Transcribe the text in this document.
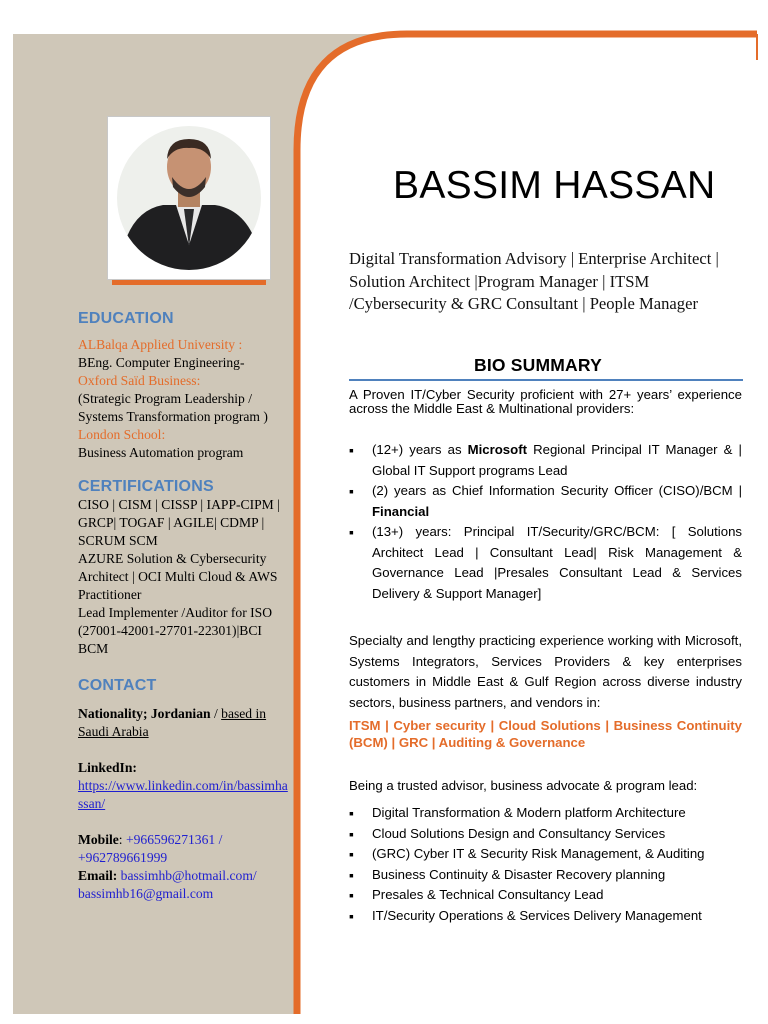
EDUCATION
ALBalqa Applied University :
BEng. Computer Engineering-
Oxford Saïd Business:
(Strategic Program Leadership / Systems Transformation program )
London School:
Business Automation program
CERTIFICATIONS
CISO | CISM | CISSP | IAPP-CIPM | GRCP| TOGAF | AGILE| CDMP | SCRUM SCM
AZURE Solution & Cybersecurity Architect | OCI Multi Cloud & AWS Practitioner
Lead Implementer /Auditor for ISO (27001-42001-27701-22301)|BCI BCM
CONTACT
Nationality; Jordanian / based in Saudi Arabia
LinkedIn:
https://www.linkedin.com/in/bassimhassan/
Mobile: +966596271361 / +962789661999
Email: bassimhb@hotmail.com/ bassimhb16@gmail.com
BASSIM HASSAN
Digital Transformation Advisory | Enterprise Architect | Solution Architect |Program Manager | ITSM /Cybersecurity & GRC Consultant | People Manager
BIO SUMMARY
A Proven IT/Cyber Security proficient with 27+ years’ experience across the Middle East & Multinational providers:
▪ (12+) years as Microsoft Regional Principal IT Manager & | Global IT Support programs Lead
▪ (2) years as Chief Information Security Officer (CISO)/BCM | Financial
▪ (13+) years: Principal IT/Security/GRC/BCM: [ Solutions Architect Lead | Consultant Lead| Risk Management & Governance Lead |Presales Consultant Lead & Services Delivery & Support Manager]
Specialty and lengthy practicing experience working with Microsoft, Systems Integrators, Services Providers & key enterprises customers in Middle East & Gulf Region across diverse industry sectors, business partners, and vendors in:
ITSM | Cyber security | Cloud Solutions | Business Continuity (BCM) | GRC | Auditing & Governance
Being a trusted advisor, business advocate & program lead:
▪ Digital Transformation & Modern platform Architecture
▪ Cloud Solutions Design and Consultancy Services
▪ (GRC) Cyber IT & Security Risk Management, & Auditing
▪ Business Continuity & Disaster Recovery planning
▪ Presales & Technical Consultancy Lead
▪ IT/Security Operations & Services Delivery Management
